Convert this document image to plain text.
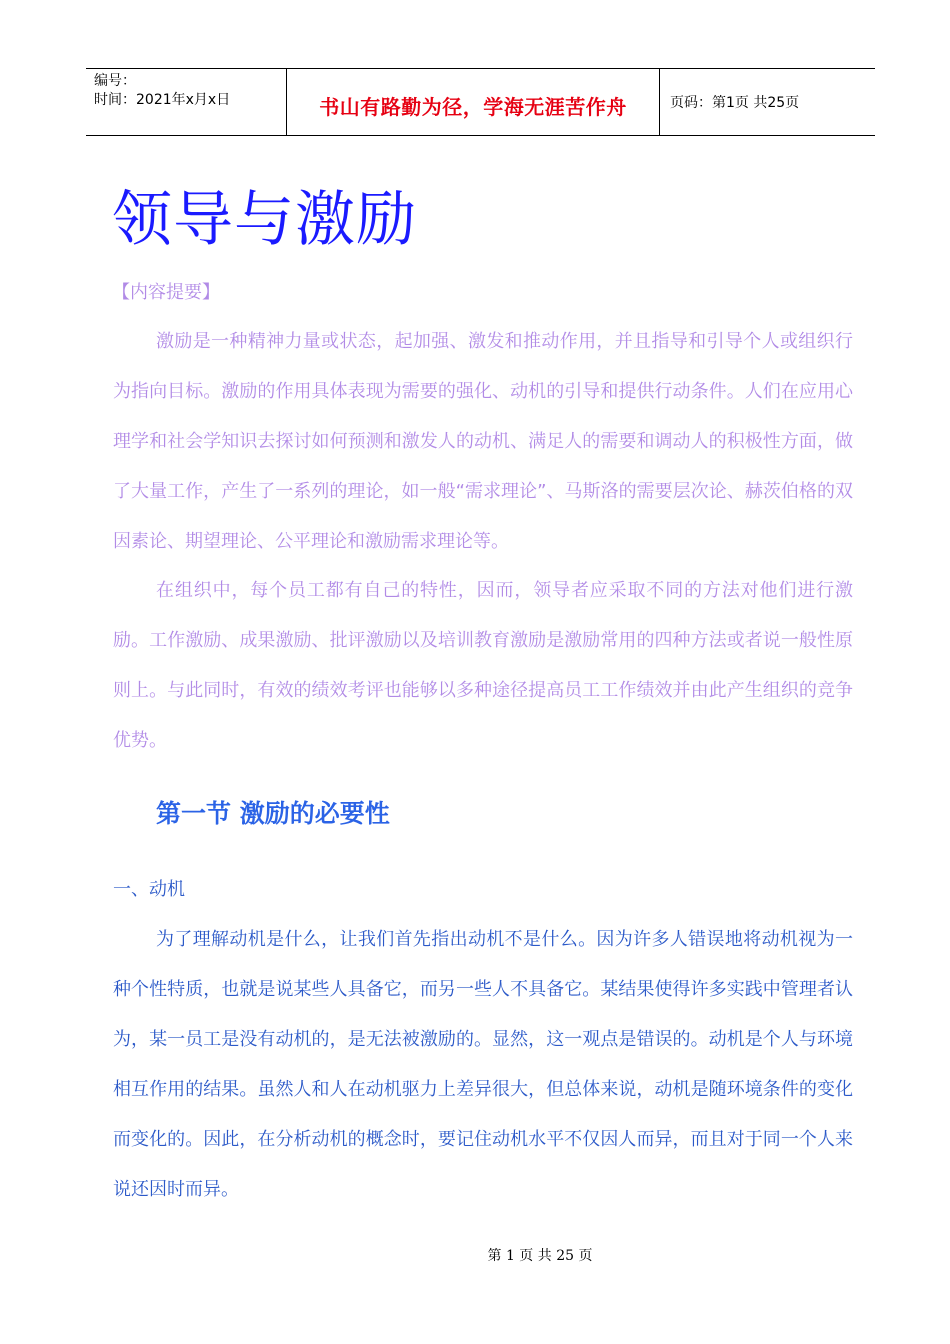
编号：
时间：2021年x月x日	书山有路勤为径，学海无涯苦作舟	页码：第1页 共25页
领导与激励
【内容提要】

激励是一种精神力量或状态，起加强、激发和推动作用，并且指导和引导个人或组织行为指向目标。激励的作用具体表现为需要的强化、动机的引导和提供行动条件。人们在应用心理学和社会学知识去探讨如何预测和激发人的动机、满足人的需要和调动人的积极性方面，做了大量工作，产生了一系列的理论，如一般“需求理论”、马斯洛的需要层次论、赫茨伯格的双因素论、期望理论、公平理论和激励需求理论等。

在组织中，每个员工都有自己的特性，因而，领导者应采取不同的方法对他们进行激励。工作激励、成果激励、批评激励以及培训教育激励是激励常用的四种方法或者说一般性原则上。与此同时，有效的绩效考评也能够以多种途径提高员工工作绩效并由此产生组织的竞争优势。

第一节 激励的必要性
一、动机

为了理解动机是什么，让我们首先指出动机不是什么。因为许多人错误地将动机视为一种个性特质，也就是说某些人具备它，而另一些人不具备它。某结果使得许多实践中管理者认为，某一员工是没有动机的，是无法被激励的。显然，这一观点是错误的。动机是个人与环境相互作用的结果。虽然人和人在动机驱力上差异很大，但总体来说，动机是随环境条件的变化而变化的。因此，在分析动机的概念时，要记住动机水平不仅因人而异，而且对于同一个人来说还因时而异。

第 1 页 共 25 页
